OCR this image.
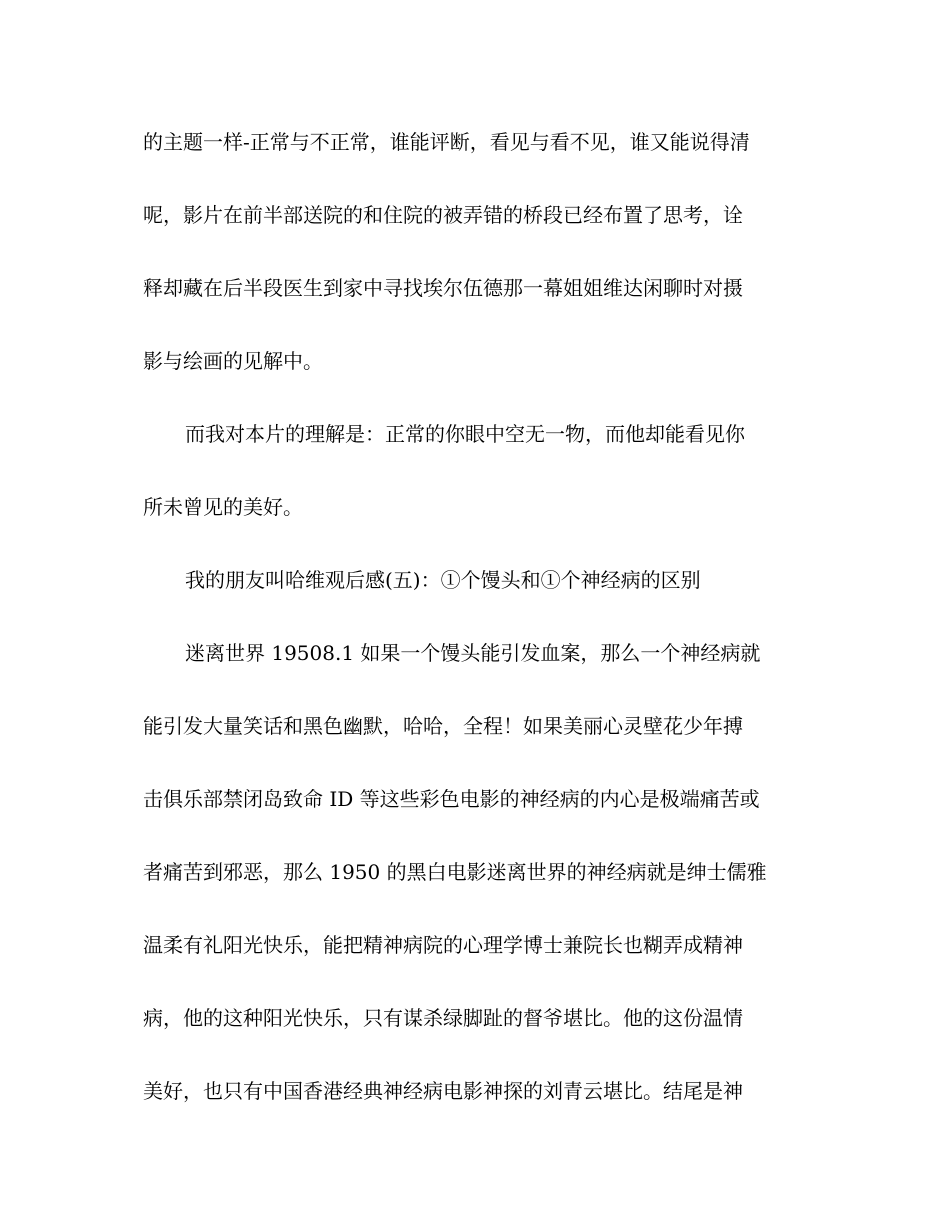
的主题一样-正常与不正常，谁能评断，看见与看不见，谁又能说得清

呢，影片在前半部送院的和住院的被弄错的桥段已经布置了思考，诠

释却藏在后半段医生到家中寻找埃尔伍德那一幕姐姐维达闲聊时对摄

影与绘画的见解中。

而我对本片的理解是：正常的你眼中空无一物，而他却能看见你

所未曾见的美好。

我的朋友叫哈维观后感(五)：①个馒头和①个神经病的区别

迷离世界 19508.1 如果一个馒头能引发血案，那么一个神经病就

能引发大量笑话和黑色幽默，哈哈，全程！如果美丽心灵壁花少年搏

击俱乐部禁闭岛致命 ID 等这些彩色电影的神经病的内心是极端痛苦或

者痛苦到邪恶，那么 1950 的黑白电影迷离世界的神经病就是绅士儒雅

温柔有礼阳光快乐，能把精神病院的心理学博士兼院长也糊弄成精神

病，他的这种阳光快乐，只有谋杀绿脚趾的督爷堪比。他的这份温情

美好，也只有中国香港经典神经病电影神探的刘青云堪比。结尾是神
